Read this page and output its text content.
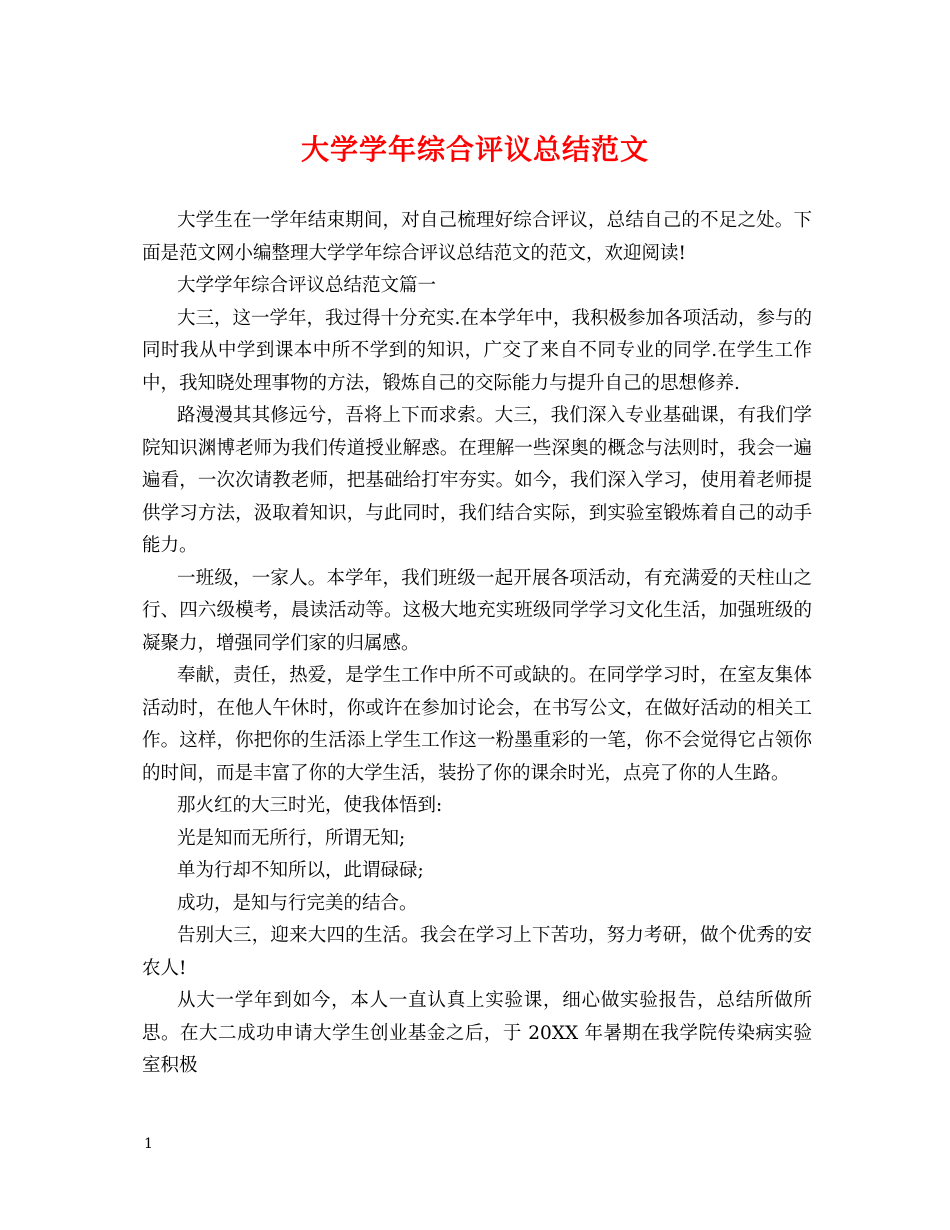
大学学年综合评议总结范文

大学生在一学年结束期间，对自己梳理好综合评议，总结自己的不足之处。下面是范文网小编整理大学学年综合评议总结范文的范文，欢迎阅读!

大学学年综合评议总结范文篇一

大三，这一学年，我过得十分充实.在本学年中，我积极参加各项活动，参与的同时我从中学到课本中所不学到的知识，广交了来自不同专业的同学.在学生工作中，我知晓处理事物的方法，锻炼自己的交际能力与提升自己的思想修养.

路漫漫其其修远兮，吾将上下而求索。大三，我们深入专业基础课，有我们学院知识渊博老师为我们传道授业解惑。在理解一些深奥的概念与法则时，我会一遍遍看，一次次请教老师，把基础给打牢夯实。如今，我们深入学习，使用着老师提供学习方法，汲取着知识，与此同时，我们结合实际，到实验室锻炼着自己的动手能力。

一班级，一家人。本学年，我们班级一起开展各项活动，有充满爱的天柱山之行、四六级模考，晨读活动等。这极大地充实班级同学学习文化生活，加强班级的凝聚力，增强同学们家的归属感。

奉献，责任，热爱，是学生工作中所不可或缺的。在同学学习时，在室友集体活动时，在他人午休时，你或许在参加讨论会，在书写公文，在做好活动的相关工作。这样，你把你的生活添上学生工作这一粉墨重彩的一笔，你不会觉得它占领你的时间，而是丰富了你的大学生活，装扮了你的课余时光，点亮了你的人生路。

那火红的大三时光，使我体悟到:

光是知而无所行，所谓无知;

单为行却不知所以，此谓碌碌;

成功，是知与行完美的结合。

告别大三，迎来大四的生活。我会在学习上下苦功，努力考研，做个优秀的安农人!

从大一学年到如今，本人一直认真上实验课，细心做实验报告，总结所做所思。在大二成功申请大学生创业基金之后，于 20XX 年暑期在我学院传染病实验室积极

1
